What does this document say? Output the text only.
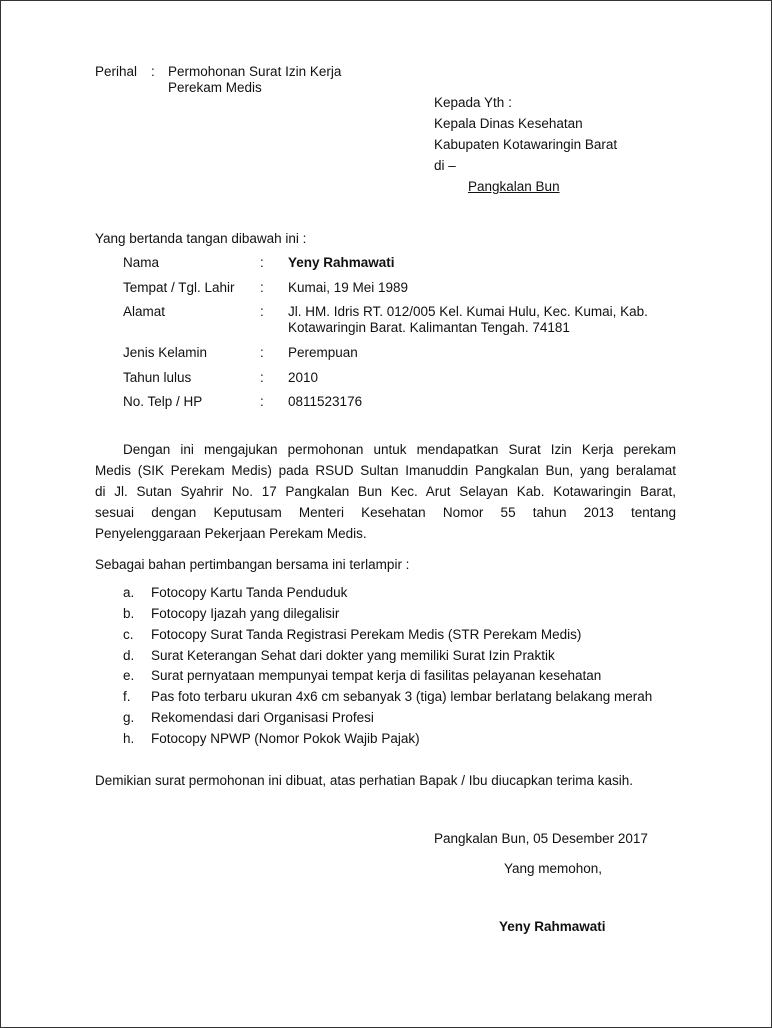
Perihal : Permohonan Surat Izin Kerja
Perekam Medis
Kepada Yth :
Kepala Dinas Kesehatan
Kabupaten Kotawaringin Barat
di –
Pangkalan Bun
Yang bertanda tangan dibawah ini :
Nama	: Yeny Rahmawati
Tempat / Tgl. Lahir : Kumai, 19 Mei 1989
Alamat	: Jl. HM. Idris RT. 012/005 Kel. Kumai Hulu, Kec. Kumai, Kab.
Kotawaringin Barat. Kalimantan Tengah. 74181
Jenis Kelamin	: Perempuan
Tahun lulus	: 2010
No. Telp / HP	: 0811523176
Dengan ini mengajukan permohonan untuk mendapatkan Surat Izin Kerja perekam
Medis (SIK Perekam Medis) pada RSUD Sultan Imanuddin Pangkalan Bun, yang beralamat
di Jl. Sutan Syahrir No. 17 Pangkalan Bun Kec. Arut Selayan Kab. Kotawaringin Barat,
sesuai dengan Keputusam Menteri Kesehatan Nomor 55 tahun 2013 tentang
Penyelenggaraan Pekerjaan Perekam Medis.
Sebagai bahan pertimbangan bersama ini terlampir :
a. Fotocopy Kartu Tanda Penduduk
b. Fotocopy Ijazah yang dilegalisir
c. Fotocopy Surat Tanda Registrasi Perekam Medis (STR Perekam Medis)
d. Surat Keterangan Sehat dari dokter yang memiliki Surat Izin Praktik
e. Surat pernyataan mempunyai tempat kerja di fasilitas pelayanan kesehatan
f. Pas foto terbaru ukuran 4x6 cm sebanyak 3 (tiga) lembar berlatang belakang merah
g. Rekomendasi dari Organisasi Profesi
h. Fotocopy NPWP (Nomor Pokok Wajib Pajak)
Demikian surat permohonan ini dibuat, atas perhatian Bapak / Ibu diucapkan terima kasih.
Pangkalan Bun, 05 Desember 2017
Yang memohon,
Yeny Rahmawati
